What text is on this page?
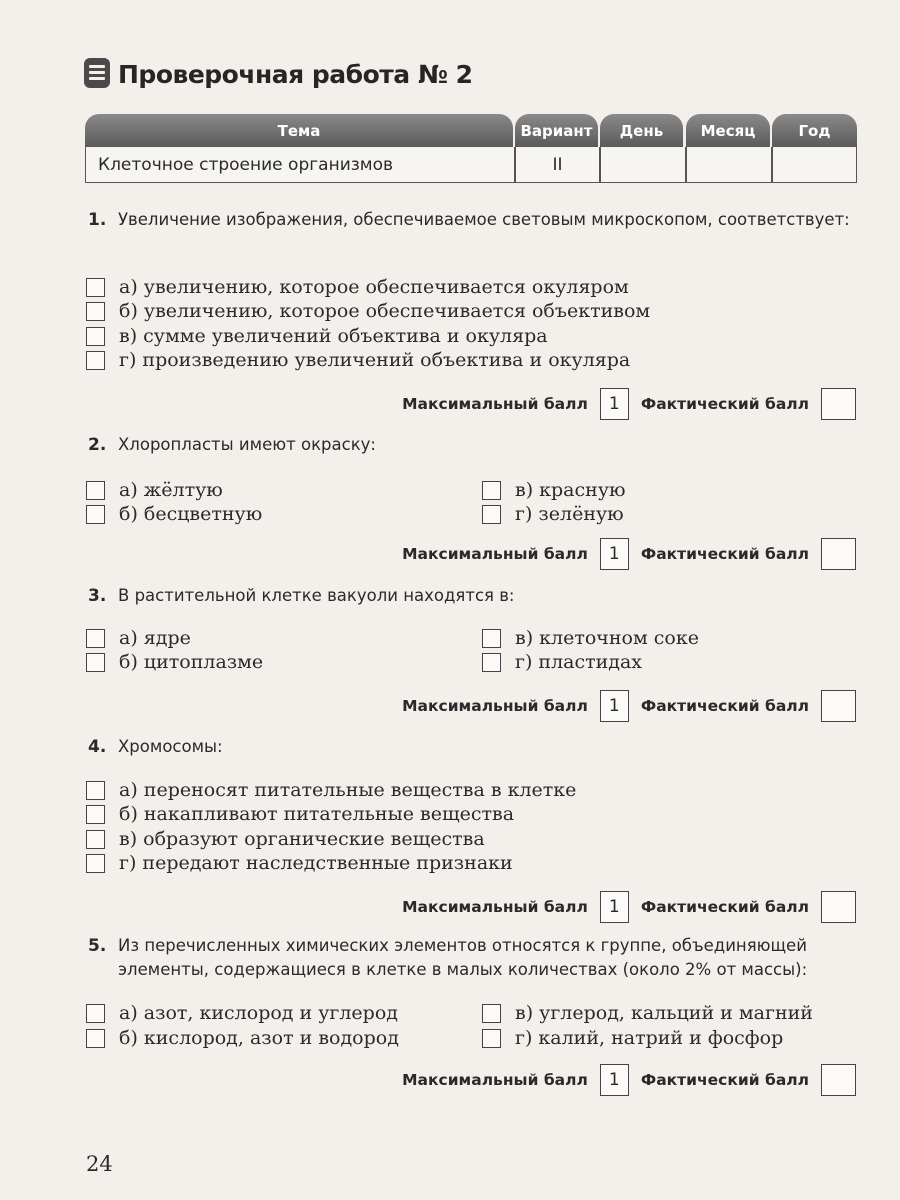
Проверочная работа № 2
Тема	Вариант	День	Месяц	Год
Клеточное строение организмов	II
1. Увеличение изображения, обеспечиваемое световым микроскопом, соответствует:
а) увеличению, которое обеспечивается окуляром
б) увеличению, которое обеспечивается объективом
в) сумме увеличений объектива и окуляра
г) произведению увеличений объектива и окуляра
Максимальный балл	1	Фактический балл
2. Хлоропласты имеют окраску:
а) жёлтую
б) бесцветную
в) красную
г) зелёную
Максимальный балл	1	Фактический балл
3. В растительной клетке вакуоли находятся в:
а) ядре
б) цитоплазме
в) клеточном соке
г) пластидах
Максимальный балл	1	Фактический балл
4. Хромосомы:
а) переносят питательные вещества в клетке
б) накапливают питательные вещества
в) образуют органические вещества
г) передают наследственные признаки
Максимальный балл	1	Фактический балл
5. Из перечисленных химических элементов относятся к группе, объединяющей элементы, содержащиеся в клетке в малых количествах (около 2% от массы):
а) азот, кислород и углерод
б) кислород, азот и водород
в) углерод, кальций и магний
г) калий, натрий и фосфор
Максимальный балл	1	Фактический балл
24
